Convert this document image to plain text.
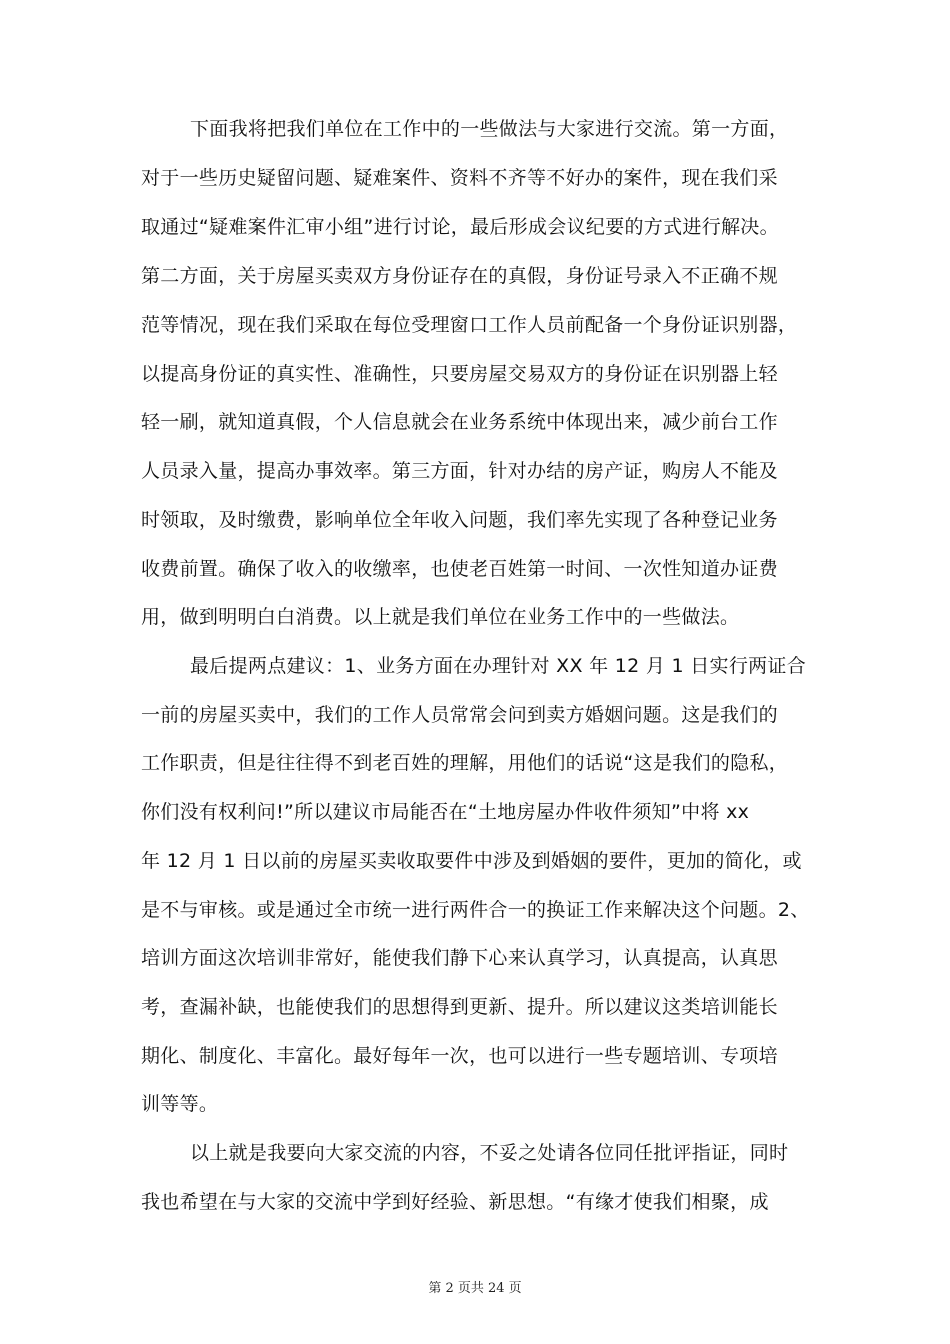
下面我将把我们单位在工作中的一些做法与大家进行交流。第一方面，
对于一些历史疑留问题、疑难案件、资料不齐等不好办的案件，现在我们采
取通过“疑难案件汇审小组”进行讨论，最后形成会议纪要的方式进行解决。
第二方面，关于房屋买卖双方身份证存在的真假，身份证号录入不正确不规
范等情况，现在我们采取在每位受理窗口工作人员前配备一个身份证识别器，
以提高身份证的真实性、准确性，只要房屋交易双方的身份证在识别器上轻
轻一刷，就知道真假，个人信息就会在业务系统中体现出来，减少前台工作
人员录入量，提高办事效率。第三方面，针对办结的房产证，购房人不能及
时领取，及时缴费，影响单位全年收入问题，我们率先实现了各种登记业务
收费前置。确保了收入的收缴率，也使老百姓第一时间、一次性知道办证费
用，做到明明白白消费。以上就是我们单位在业务工作中的一些做法。
最后提两点建议：1、业务方面在办理针对 XX 年 12 月 1 日实行两证合
一前的房屋买卖中，我们的工作人员常常会问到卖方婚姻问题。这是我们的
工作职责，但是往往得不到老百姓的理解，用他们的话说“这是我们的隐私，
你们没有权利问!”所以建议市局能否在“土地房屋办件收件须知”中将 xx
年 12 月 1 日以前的房屋买卖收取要件中涉及到婚姻的要件，更加的简化，或
是不与审核。或是通过全市统一进行两件合一的换证工作来解决这个问题。2、
培训方面这次培训非常好，能使我们静下心来认真学习，认真提高，认真思
考，查漏补缺，也能使我们的思想得到更新、提升。所以建议这类培训能长
期化、制度化、丰富化。最好每年一次，也可以进行一些专题培训、专项培
训等等。
以上就是我要向大家交流的内容，不妥之处请各位同任批评指证，同时
我也希望在与大家的交流中学到好经验、新思想。“有缘才使我们相聚，成
第 2 页共 24 页
